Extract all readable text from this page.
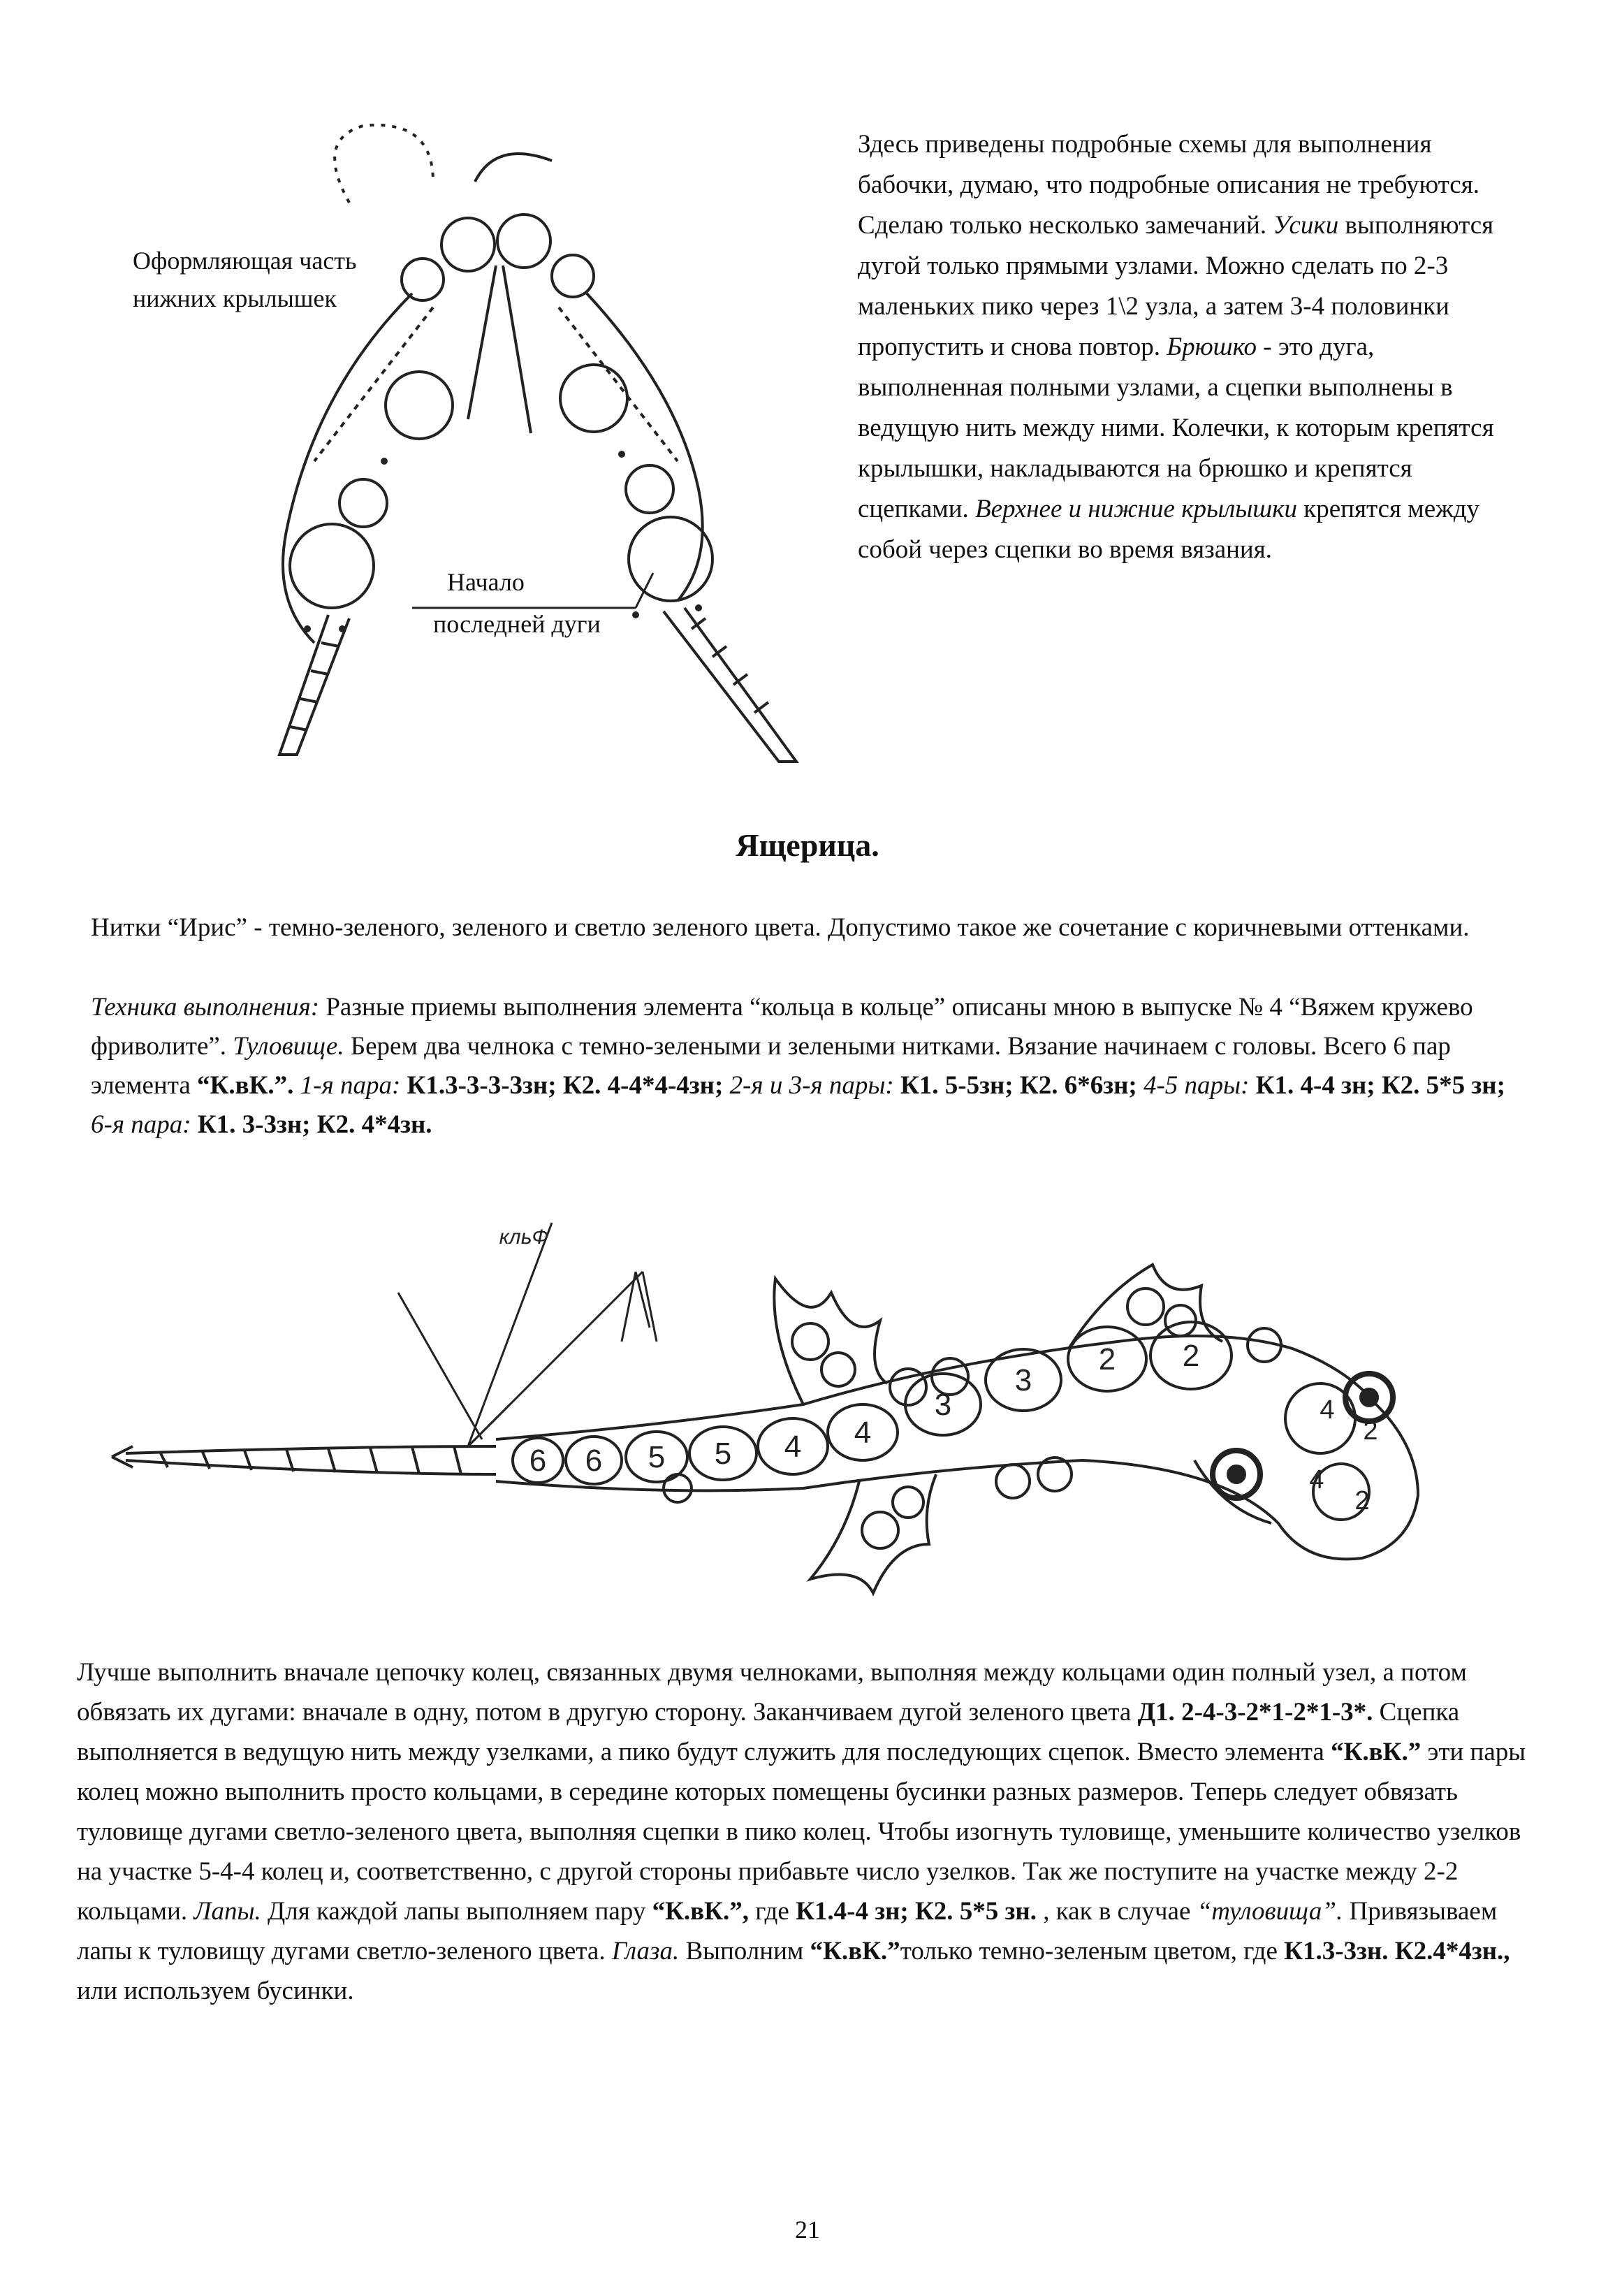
Оформляющая часть
нижних крылышек
Начало
последней дуги

Здесь приведены подробные схемы для выполнения бабочки, думаю, что подробные описания не требуются. Сделаю только несколько замечаний. Усики выполняются дугой только прямыми узлами. Можно сделать по 2-3 маленьких пико через 1\2 узла, а затем 3-4 половинки пропустить и снова повтор. Брюшко - это дуга, выполненная полными узлами, а сцепки выполнены в ведущую нить между ними. Колечки, к которым крепятся крылышки, накладываются на брюшко и крепятся сцепками. Верхнее и нижние крылышки крепятся между собой через сцепки во время вязания.

Ящерица.

Нитки “Ирис” - темно-зеленого, зеленого и светло зеленого цвета. Допустимо такое же сочетание с коричневыми оттенками.

Техника выполнения: Разные приемы выполнения элемента “кольца в кольце” описаны мною в выпуске № 4 “Вяжем кружево фриволите”. Туловище. Берем два челнока с темно-зелеными и зелеными нитками. Вязание начинаем с головы. Всего 6 пар элемента “К.вК.”. 1-я пара: К1.3-3-3-3зн; К2. 4-4*4-4зн; 2-я и 3-я пары: К1. 5-5зн; К2. 6*6зн; 4-5 пары: К1. 4-4 зн; К2. 5*5 зн; 6-я пара: К1. 3-3зн; К2. 4*4зн.

6 6 5 5 4 4
3
3
2 2
4
2
4
2
кльФ

Лучше выполнить вначале цепочку колец, связанных двумя челноками, выполняя между кольцами один полный узел, а потом обвязать их дугами: вначале в одну, потом в другую сторону. Заканчиваем дугой зеленого цвета Д1. 2-4-3-2*1-2*1-3*. Сцепка выполняется в ведущую нить между узелками, а пико будут служить для последующих сцепок. Вместо элемента “К.вК.” эти пары колец можно выполнить просто кольцами, в середине которых помещены бусинки разных размеров. Теперь следует обвязать туловище дугами светло-зеленого цвета, выполняя сцепки в пико колец. Чтобы изогнуть туловище, уменьшите количество узелков на участке 5-4-4 колец и, соответственно, с другой стороны прибавьте число узелков. Так же поступите на участке между 2-2 кольцами. Лапы. Для каждой лапы выполняем пару “К.вК.”, где К1.4-4 зн; К2. 5*5 зн. , как в случае “туловища”. Привязываем лапы к туловищу дугами светло-зеленого цвета. Глаза. Выполним “К.вК.”только темно-зеленым цветом, где К1.3-3зн. К2.4*4зн., или используем бусинки.

21
